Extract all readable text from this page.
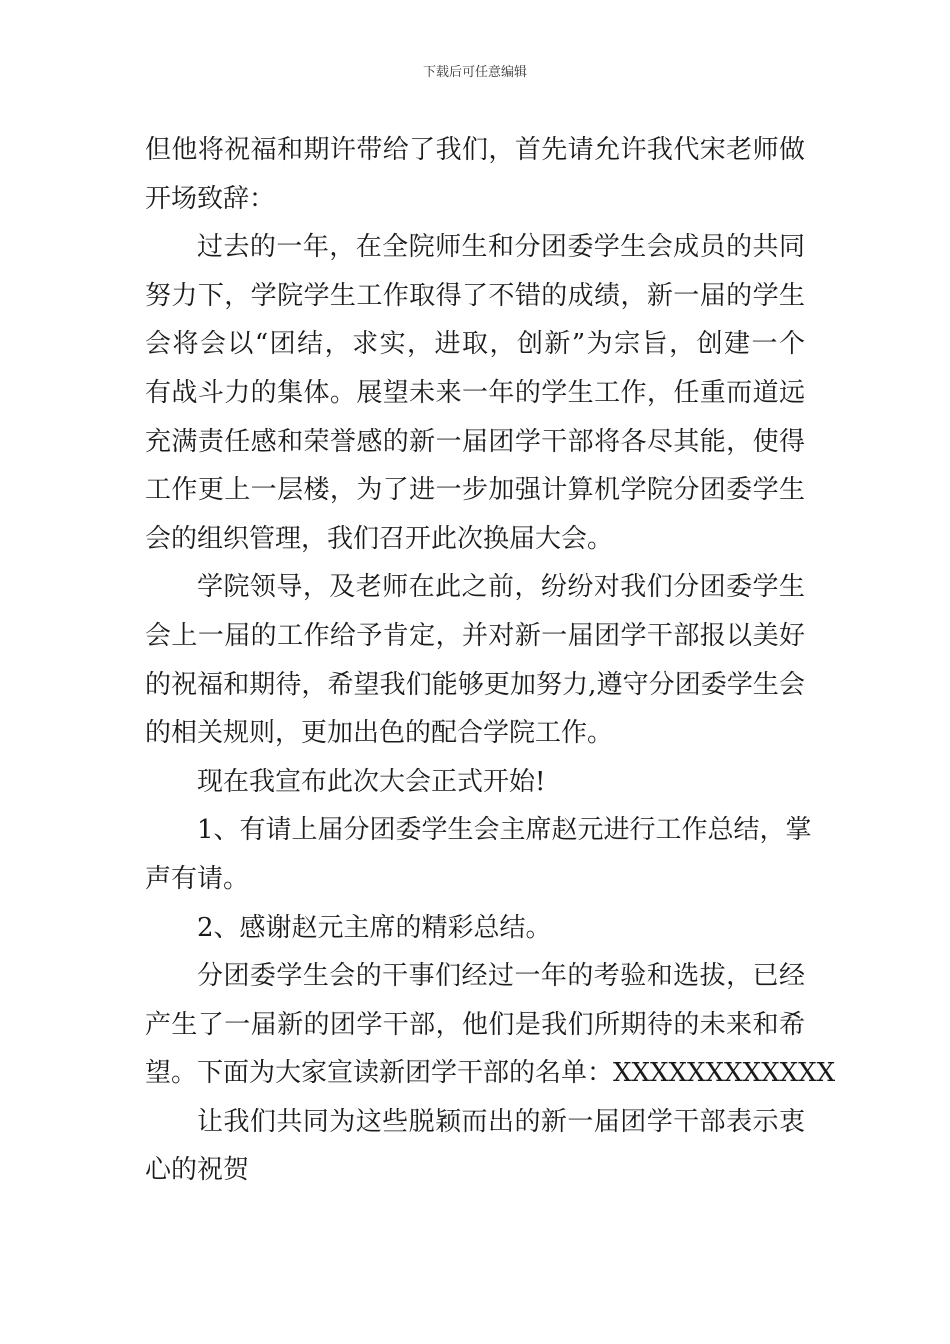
下载后可任意编辑
但他将祝福和期许带给了我们，首先请允许我代宋老师做
开场致辞：
过去的一年，在全院师生和分团委学生会成员的共同
努力下，学院学生工作取得了不错的成绩，新一届的学生
会将会以“团结，求实，进取，创新”为宗旨，创建一个
有战斗力的集体。展望未来一年的学生工作，任重而道远
充满责任感和荣誉感的新一届团学干部将各尽其能，使得
工作更上一层楼，为了进一步加强计算机学院分团委学生
会的组织管理，我们召开此次换届大会。
学院领导，及老师在此之前，纷纷对我们分团委学生
会上一届的工作给予肯定，并对新一届团学干部报以美好
的祝福和期待，希望我们能够更加努力,遵守分团委学生会
的相关规则，更加出色的配合学院工作。
现在我宣布此次大会正式开始!
1、有请上届分团委学生会主席赵元进行工作总结，掌
声有请。
2、感谢赵元主席的精彩总结。
分团委学生会的干事们经过一年的考验和选拔，已经
产生了一届新的团学干部，他们是我们所期待的未来和希
望。下面为大家宣读新团学干部的名单：XXXXXXXXXXXX
让我们共同为这些脱颖而出的新一届团学干部表示衷
心的祝贺
